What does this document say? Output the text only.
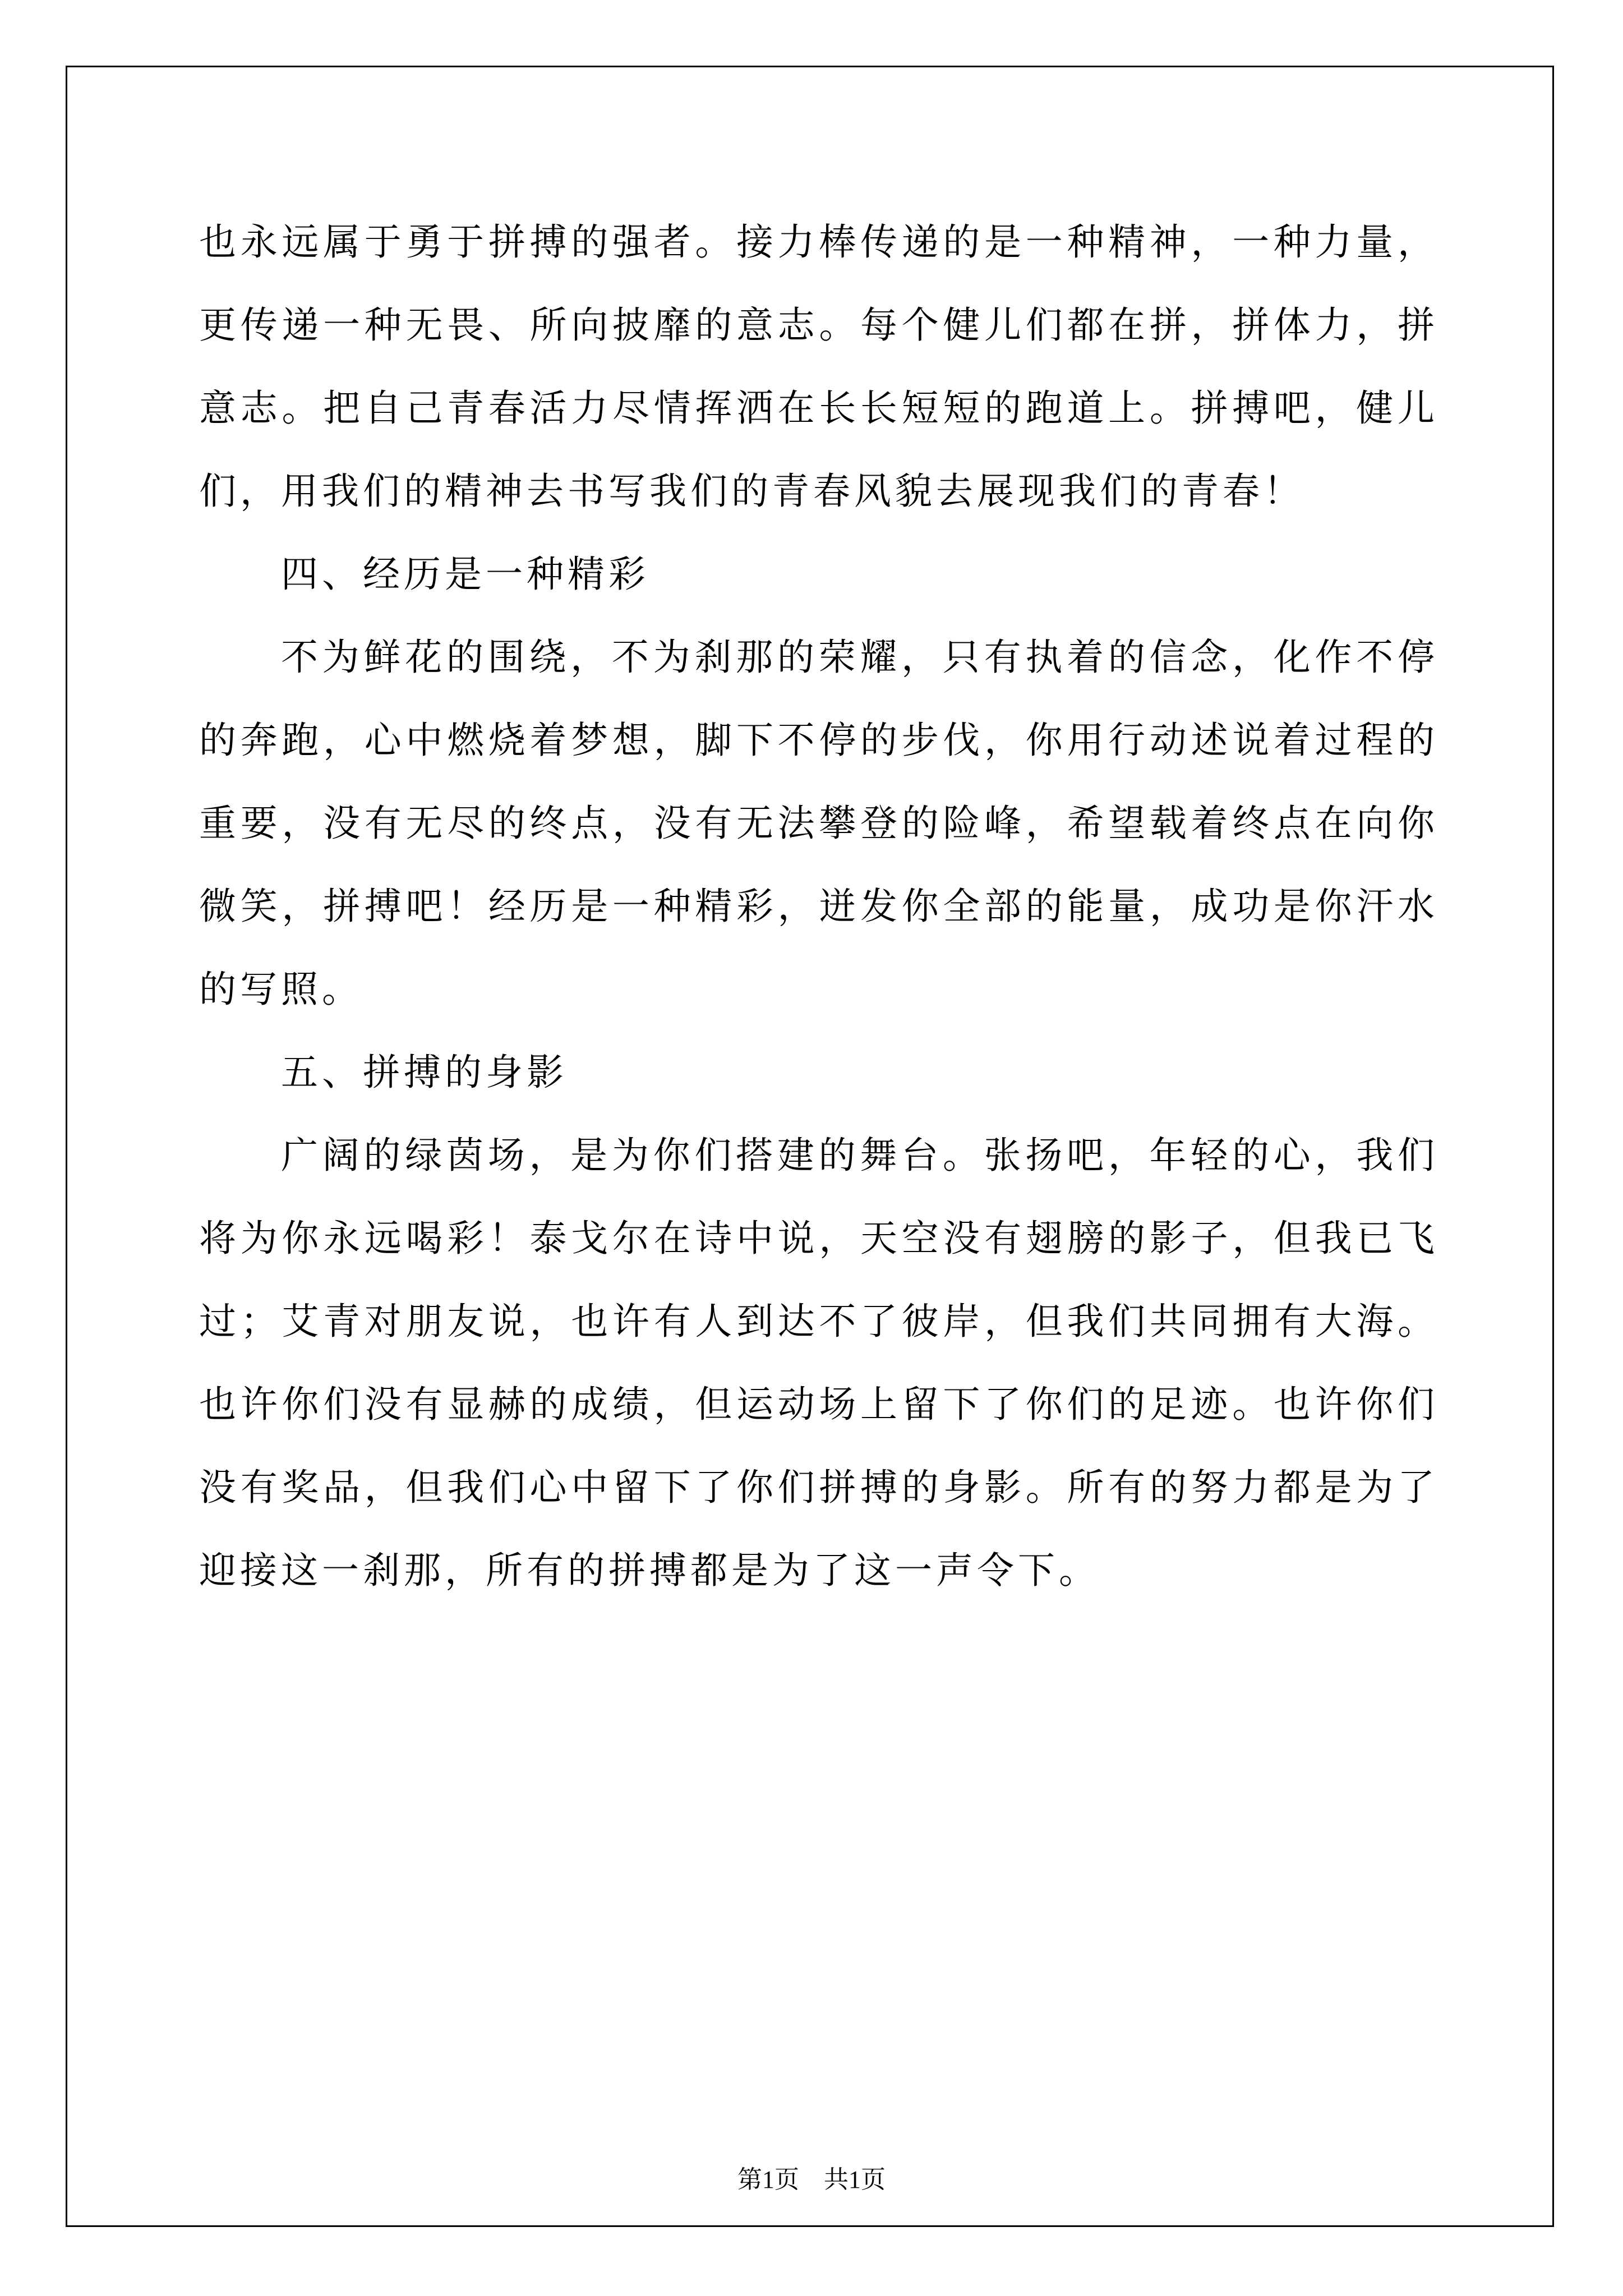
也永远属于勇于拼搏的强者。接力棒传递的是一种精神，一种力量，更传递一种无畏、所向披靡的意志。每个健儿们都在拼，拼体力，拼意志。把自己青春活力尽情挥洒在长长短短的跑道上。拼搏吧，健儿们，用我们的精神去书写我们的青春风貌去展现我们的青春！

四、经历是一种精彩

不为鲜花的围绕，不为刹那的荣耀，只有执着的信念，化作不停的奔跑，心中燃烧着梦想，脚下不停的步伐，你用行动述说着过程的重要，没有无尽的终点，没有无法攀登的险峰，希望载着终点在向你微笑，拼搏吧！经历是一种精彩，迸发你全部的能量，成功是你汗水的写照。

五、拼搏的身影

广阔的绿茵场，是为你们搭建的舞台。张扬吧，年轻的心，我们将为你永远喝彩！泰戈尔在诗中说，天空没有翅膀的影子，但我已飞过；艾青对朋友说，也许有人到达不了彼岸，但我们共同拥有大海。也许你们没有显赫的成绩，但运动场上留下了你们的足迹。也许你们没有奖品，但我们心中留下了你们拼搏的身影。所有的努力都是为了迎接这一刹那，所有的拼搏都是为了这一声令下。

第1页 共1页
